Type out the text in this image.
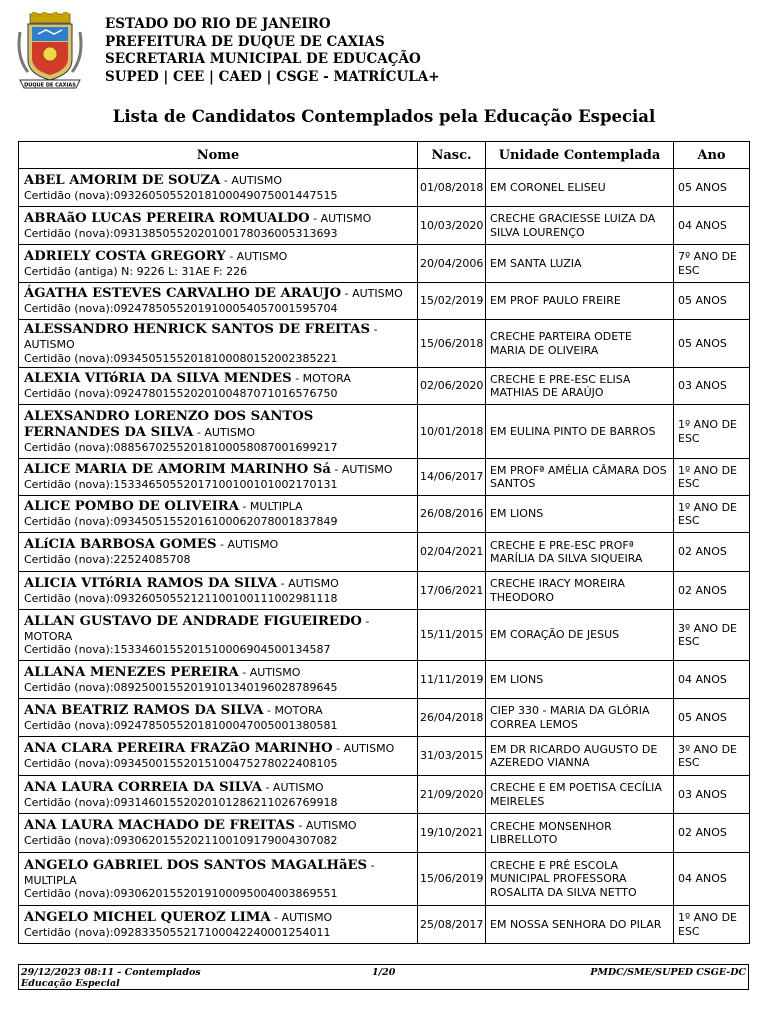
DUQUE DE CAXIAS
ESTADO DO RIO DE JANEIRO
PREFEITURA DE DUQUE DE CAXIAS
SECRETARIA MUNICIPAL DE EDUCAÇÃO
SUPED | CEE | CAED | CSGE - MATRÍCULA+
Lista de Candidatos Contemplados pela Educação Especial
Nome	Nasc.	Unidade Contemplada	Ano
ABEL AMORIM DE SOUZA - AUTISMO
Certidão (nova):09326050552018100049075001447515	01/08/2018	EM CORONEL ELISEU	05 ANOS
ABRAãO LUCAS PEREIRA ROMUALDO - AUTISMO
Certidão (nova):09313850552020100178036005313693	10/03/2020	CRECHE GRACIESSE LUIZA DA SILVA LOURENÇO	04 ANOS
ADRIELY COSTA GREGORY - AUTISMO
Certidão (antiga) N: 9226 L: 31AE F: 226	20/04/2006	EM SANTA LUZIA	7º ANO DE ESC
ÁGATHA ESTEVES CARVALHO DE ARAUJO - AUTISMO
Certidão (nova):09247850552019100054057001595704	15/02/2019	EM PROF PAULO FREIRE	05 ANOS
ALESSANDRO HENRICK SANTOS DE FREITAS - AUTISMO
Certidão (nova):09345051552018100080152002385221	15/06/2018	CRECHE PARTEIRA ODETE MARIA DE OLIVEIRA	05 ANOS
ALEXIA VITóRIA DA SILVA MENDES - MOTORA
Certidão (nova):09247801552020100487071016576750	02/06/2020	CRECHE E PRE-ESC ELISA MATHIAS DE ARAÚJO	03 ANOS
ALEXSANDRO LORENZO DOS SANTOS FERNANDES DA SILVA - AUTISMO
Certidão (nova):08856702552018100058087001699217	10/01/2018	EM EULINA PINTO DE BARROS	1º ANO DE ESC
ALICE MARIA DE AMORIM MARINHO Sá - AUTISMO
Certidão (nova):15334650552017100100101002170131	14/06/2017	EM PROFª AMÉLIA CÂMARA DOS SANTOS	1º ANO DE ESC
ALICE POMBO DE OLIVEIRA - MULTIPLA
Certidão (nova):09345051552016100062078001837849	26/08/2016	EM LIONS	1º ANO DE ESC
ALíCIA BARBOSA GOMES - AUTISMO
Certidão (nova):22524085708	02/04/2021	CRECHE E PRE-ESC PROFª MARÍLIA DA SILVA SIQUEIRA	02 ANOS
ALICIA VITóRIA RAMOS DA SILVA - AUTISMO
Certidão (nova):09326050552121100100111002981118	17/06/2021	CRECHE IRACY MOREIRA THEODORO	02 ANOS
ALLAN GUSTAVO DE ANDRADE FIGUEIREDO - MOTORA
Certidão (nova):15334601552015100069045001345​87	15/11/2015	EM CORAÇÃO DE JESUS	3º ANO DE ESC
ALLANA MENEZES PEREIRA - AUTISMO
Certidão (nova):08925001552019101340196028789645	11/11/2019	EM LIONS	04 ANOS
ANA BEATRIZ RAMOS DA SILVA - MOTORA
Certidão (nova):09247850552018100047005001380581	26/04/2018	CIEP 330 - MARIA DA GLÓRIA CORREA LEMOS	05 ANOS
ANA CLARA PEREIRA FRAZãO MARINHO - AUTISMO
Certidão (nova):09345001552015100475278022408105	31/03/2015	EM DR RICARDO AUGUSTO DE AZEREDO VIANNA	3º ANO DE ESC
ANA LAURA CORREIA DA SILVA - AUTISMO
Certidão (nova):09314601552020101286211026769918	21/09/2020	CRECHE E EM POETISA CECÍLIA MEIRELES	03 ANOS
ANA LAURA MACHADO DE FREITAS - AUTISMO
Certidão (nova):09306201552021100109179004307082	19/10/2021	CRECHE MONSENHOR LIBRELLOTO	02 ANOS
ANGELO GABRIEL DOS SANTOS MAGALHãES - MULTIPLA
Certidão (nova):09306201552019100095004003869551	15/06/2019	CRECHE E PRÉ ESCOLA MUNICIPAL PROFESSORA ROSALITA DA SILVA NETTO	04 ANOS
ANGELO MICHEL QUEROZ LIMA - AUTISMO
Certidão (nova):09283350552171000422400012540​11	25/08/2017	EM NOSSA SENHORA DO PILAR	1º ANO DE ESC
29/12/2023 08:11 - Contemplados Educação Especial
1/20	PMDC/SME/SUPED CSGE-DC
